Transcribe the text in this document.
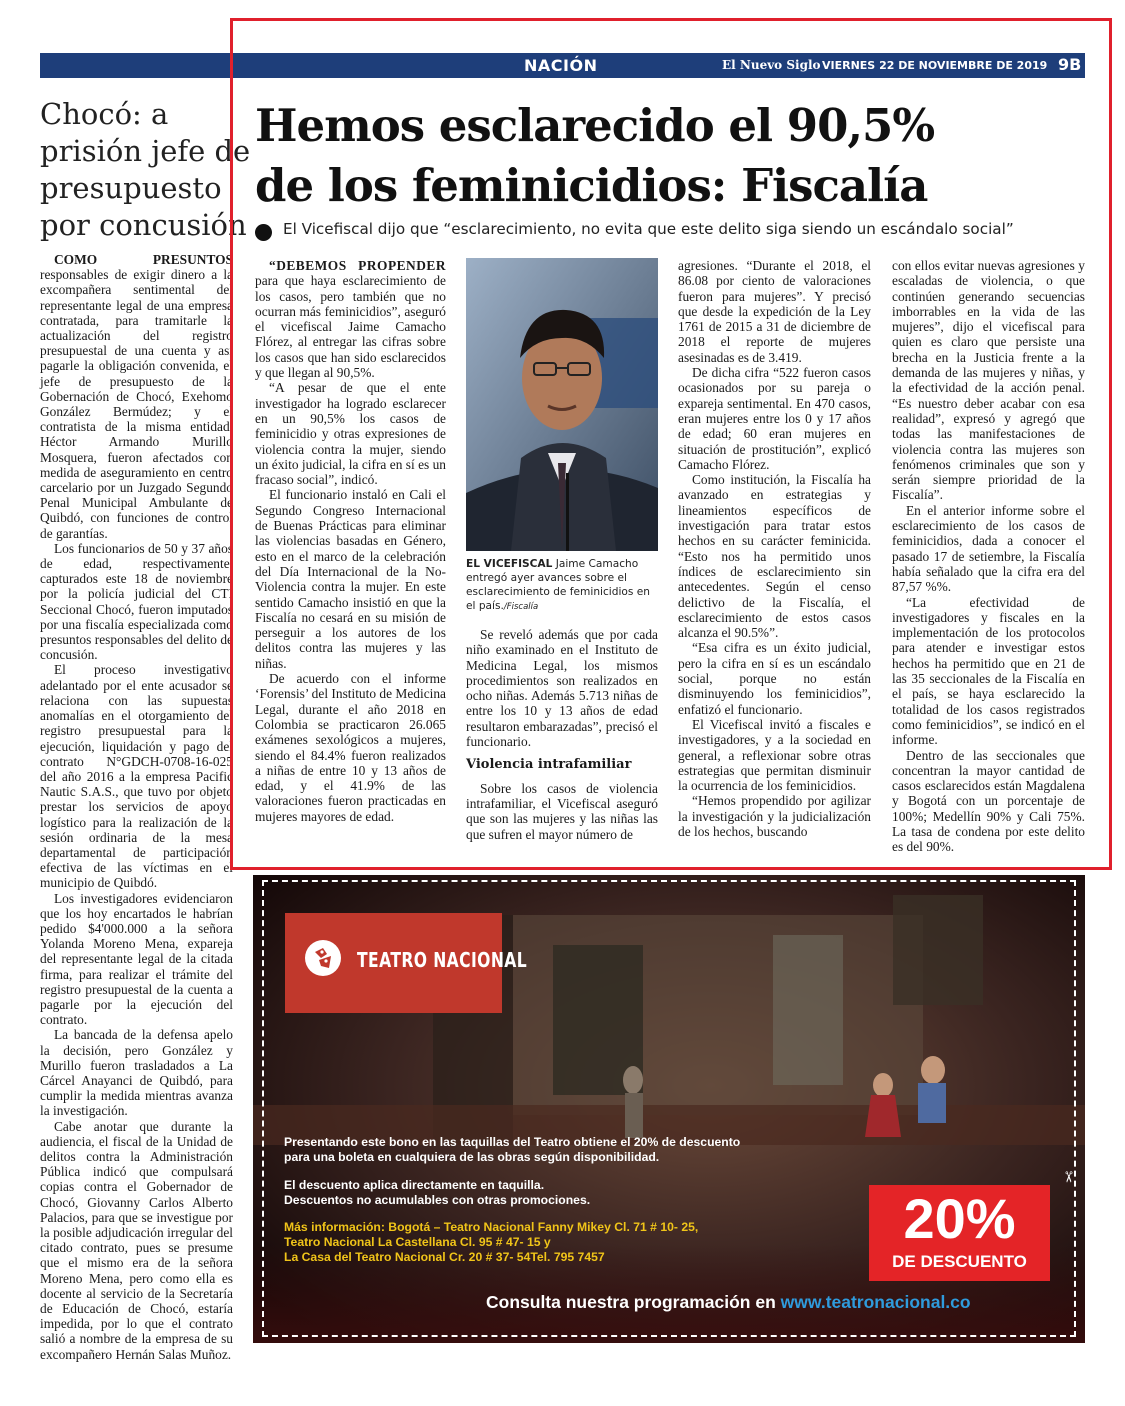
NACIÓN	El Nuevo Siglo VIERNES 22 DE NOVIEMBRE DE 2019 9B
Chocó: a
prisión jefe de
presupuesto
por concusión

COMO PRESUNTOS responsables de exigir dinero a la excompañera sentimental del representante legal de una empresa contratada, para tramitarle la actualización del registro presupuestal de una cuenta y así pagarle la obligación convenida, el jefe de presupuesto de la Gobernación de Chocó, Exehomo González Bermúdez; y el contratista de la misma entidad, Héctor Armando Murillo Mosquera, fueron afectados con medida de aseguramiento en centro carcelario por un Juzgado Segundo Penal Municipal Ambulante de Quibdó, con funciones de control de garantías.

Los funcionarios de 50 y 37 años de edad, respectivamente, capturados este 18 de noviembre por la policía judicial del CTI Seccional Chocó, fueron imputados por una fiscalía especializada como presuntos responsables del delito de concusión.

El proceso investigativo adelantado por el ente acusador se relaciona con las supuestas anomalías en el otorgamiento del registro presupuestal para la ejecución, liquidación y pago del contrato N°GDCH-0708-16-025 del año 2016 a la empresa Pacific Nautic S.A.S., que tuvo por objeto prestar los servicios de apoyo logístico para la realización de la sesión ordinaria de la mesa departamental de participación efectiva de las víctimas en el municipio de Quibdó.

Los investigadores evidenciaron que los hoy encartados le habrían pedido $4'000.000 a la señora Yolanda Moreno Mena, expareja del representante legal de la citada firma, para realizar el trámite del registro presupuestal de la cuenta a pagarle por la ejecución del contrato.

La bancada de la defensa apelo la decisión, pero González y Murillo fueron trasladados a La Cárcel Anayanci de Quibdó, para cumplir la medida mientras avanza la investigación.

Cabe anotar que durante la audiencia, el fiscal de la Unidad de delitos contra la Administración Pública indicó que compulsará copias contra el Gobernador de Chocó, Giovanny Carlos Alberto Palacios, para que se investigue por la posible adjudicación irregular del citado contrato, pues se presume que el mismo era de la señora Moreno Mena, pero como ella es docente al servicio de la Secretaría de Educación de Chocó, estaría impedida, por lo que el contrato salió a nombre de la empresa de su excompañero Hernán Salas Muñoz.

Hemos esclarecido el 90,5%
de los feminicidios: Fiscalía
El Vicefiscal dijo que “esclarecimiento, no evita que este delito siga siendo un escándalo social”

“DEBEMOS PROPENDER para que haya esclarecimiento de los casos, pero también que no ocurran más feminicidios”, aseguró el vicefiscal Jaime Camacho Flórez, al entregar las cifras sobre los casos que han sido esclarecidos y que llegan al 90,5%.

“A pesar de que el ente investigador ha logrado esclarecer en un 90,5% los casos de feminicidio y otras expresiones de violencia contra la mujer, siendo un éxito judicial, la cifra en sí es un fracaso social”, indicó.

El funcionario instaló en Cali el Segundo Congreso Internacional de Buenas Prácticas para eliminar las violencias basadas en Género, esto en el marco de la celebración del Día Internacional de la No-Violencia contra la mujer. En este sentido Camacho insistió en que la Fiscalía no cesará en su misión de perseguir a los autores de los delitos contra las mujeres y las niñas.

De acuerdo con el informe ‘Forensis’ del Instituto de Medicina Legal, durante el año 2018 en Colombia se practicaron 26.065 exámenes sexológicos a mujeres, siendo el 84.4% fueron realizados a niñas de entre 10 y 13 años de edad, y el 41.9% de las valoraciones fueron practicadas en mujeres mayores de edad.

EL VICEFISCAL Jaime Camacho entregó ayer avances sobre el esclarecimiento de feminicidios en el país./Fiscalía

Se reveló además que por cada niño examinado en el Instituto de Medicina Legal, los mismos procedimientos son realizados en ocho niñas. Además 5.713 niñas de entre los 10 y 13 años de edad resultaron embarazadas”, precisó el funcionario.

Violencia intrafamiliar

Sobre los casos de violencia intrafamiliar, el Vicefiscal aseguró que son las mujeres y las niñas las que sufren el mayor número de

agresiones. “Durante el 2018, el 86.08 por ciento de valoraciones fueron para mujeres”. Y precisó que desde la expedición de la Ley 1761 de 2015 a 31 de diciembre de 2018 el reporte de mujeres asesinadas es de 3.419.

De dicha cifra “522 fueron casos ocasionados por su pareja o expareja sentimental. En 470 casos, eran mujeres entre los 0 y 17 años de edad; 60 eran mujeres en situación de prostitución”, explicó Camacho Flórez.

Como institución, la Fiscalía ha avanzado en estrategias y lineamientos específicos de investigación para tratar estos hechos en su carácter feminicida. “Esto nos ha permitido unos índices de esclarecimiento sin antecedentes. Según el censo delictivo de la Fiscalía, el esclarecimiento de estos casos alcanza el 90.5%”.

“Esa cifra es un éxito judicial, pero la cifra en sí es un escándalo social, porque no están disminuyendo los feminicidios”, enfatizó el funcionario.

El Vicefiscal invitó a fiscales e investigadores, y a la sociedad en general, a reflexionar sobre otras estrategias que permitan disminuir la ocurrencia de los feminicidios.

“Hemos propendido por agilizar la investigación y la judicialización de los hechos, buscando

con ellos evitar nuevas agresiones y escaladas de violencia, o que continúen generando secuencias imborrables en la vida de las mujeres”, dijo el vicefiscal para quien es claro que persiste una brecha en la Justicia frente a la demanda de las mujeres y niñas, y la efectividad de la acción penal. “Es nuestro deber acabar con esa realidad”, expresó y agregó que todas las manifestaciones de violencia contra las mujeres son fenómenos criminales que son y serán siempre prioridad de la Fiscalía”.

En el anterior informe sobre el esclarecimiento de los casos de feminicidios, dada a conocer el pasado 17 de setiembre, la Fiscalía había señalado que la cifra era del 87,57 %%.

“La efectividad de investigadores y fiscales en la implementación de los protocolos para atender e investigar estos hechos ha permitido que en 21 de las 35 seccionales de la Fiscalía en el país, se haya esclarecido la totalidad de los casos registrados como feminicidios”, se indicó en el informe.

Dentro de las seccionales que concentran la mayor cantidad de casos esclarecidos están Magdalena y Bogotá con un porcentaje de 100%; Medellín 90% y Cali 75%. La tasa de condena por este delito es del 90%.

TEATRO NACIONAL
Presentando este bono en las taquillas del Teatro obtiene el 20% de descuento
para una boleta en cualquiera de las obras según disponibilidad.
El descuento aplica directamente en taquilla.
Descuentos no acumulables con otras promociones.
Más información: Bogotá – Teatro Nacional Fanny Mikey Cl. 71 # 10- 25,
Teatro Nacional La Castellana Cl. 95 # 47- 15 y
La Casa del Teatro Nacional Cr. 20 # 37- 54Tel. 795 7457
20%
DE DESCUENTO
✂
Consulta nuestra programación en www.teatronacional.co
